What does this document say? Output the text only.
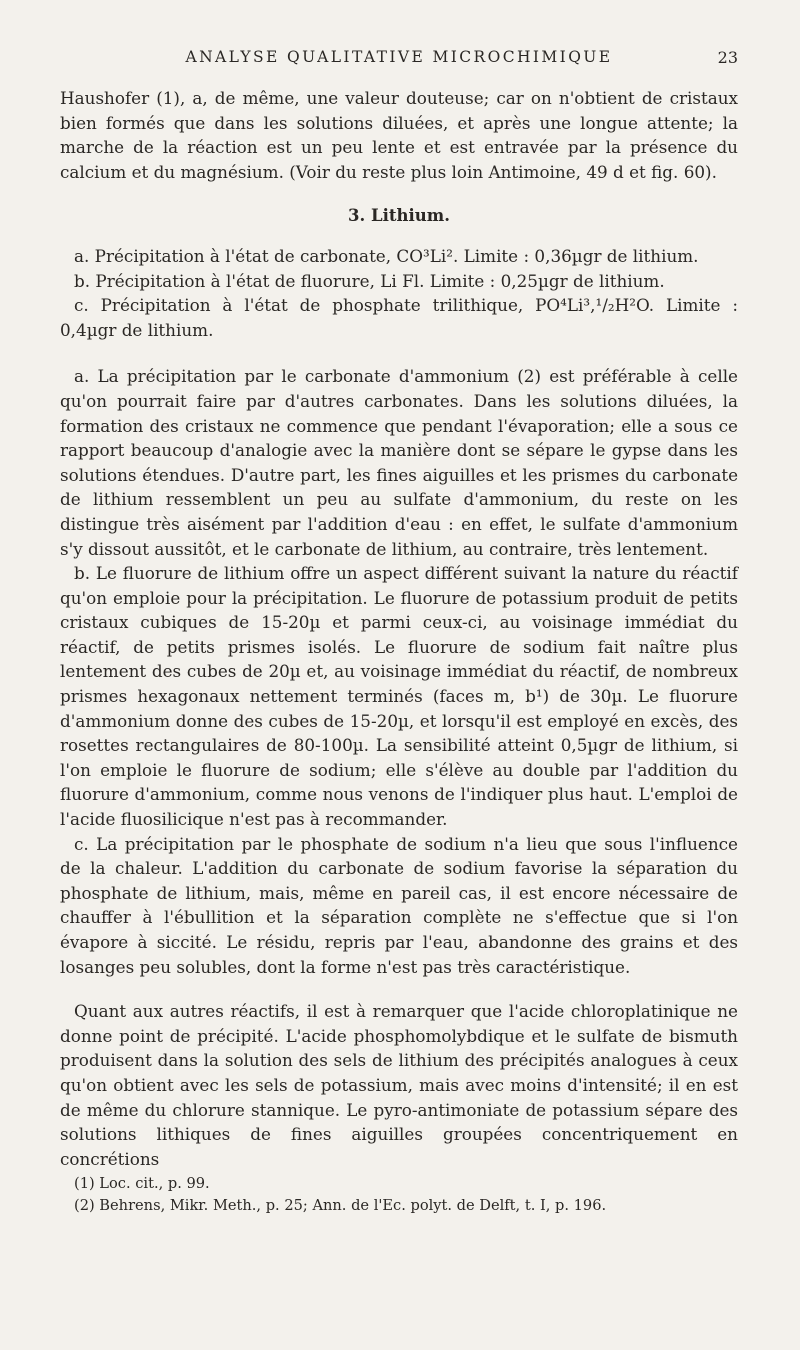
ANALYSE QUALITATIVE MICROCHIMIQUE	23

Haushofer (1), a, de même, une valeur douteuse; car on n'obtient de cristaux bien formés que dans les solutions diluées, et après une longue attente; la marche de la réaction est un peu lente et est entravée par la présence du calcium et du magnésium. (Voir du reste plus loin Antimoine, 49 d et fig. 60).

3. Lithium.

a. Précipitation à l'état de carbonate, CO³Li². Limite : 0,36µgr de lithium.

b. Précipitation à l'état de fluorure, Li Fl. Limite : 0,25µgr de lithium.

c. Précipitation à l'état de phosphate trilithique, PO⁴Li³,¹/₂H²O. Limite : 0,4µgr de lithium.

a. La précipitation par le carbonate d'ammonium (2) est préférable à celle qu'on pourrait faire par d'autres carbonates. Dans les solutions diluées, la formation des cristaux ne commence que pendant l'évaporation; elle a sous ce rapport beaucoup d'analogie avec la manière dont se sépare le gypse dans les solutions étendues. D'autre part, les fines aiguilles et les prismes du carbonate de lithium ressemblent un peu au sulfate d'ammonium, du reste on les distingue très aisément par l'addition d'eau : en effet, le sulfate d'ammonium s'y dissout aussitôt, et le carbonate de lithium, au contraire, très lentement.

b. Le fluorure de lithium offre un aspect différent suivant la nature du réactif qu'on emploie pour la précipitation. Le fluorure de potassium produit de petits cristaux cubiques de 15-20µ et parmi ceux-ci, au voisinage immédiat du réactif, de petits prismes isolés. Le fluorure de sodium fait naître plus lentement des cubes de 20µ et, au voisinage immédiat du réactif, de nombreux prismes hexagonaux nettement terminés (faces m, b¹) de 30µ. Le fluorure d'ammonium donne des cubes de 15-20µ, et lorsqu'il est employé en excès, des rosettes rectangulaires de 80-100µ. La sensibilité atteint 0,5µgr de lithium, si l'on emploie le fluorure de sodium; elle s'élève au double par l'addition du fluorure d'ammonium, comme nous venons de l'indiquer plus haut. L'emploi de l'acide fluosilicique n'est pas à recommander.

c. La précipitation par le phosphate de sodium n'a lieu que sous l'influence de la chaleur. L'addition du carbonate de sodium favorise la séparation du phosphate de lithium, mais, même en pareil cas, il est encore nécessaire de chauffer à l'ébullition et la séparation complète ne s'effectue que si l'on évapore à siccité. Le résidu, repris par l'eau, abandonne des grains et des losanges peu solubles, dont la forme n'est pas très caractéristique.

Quant aux autres réactifs, il est à remarquer que l'acide chloroplatinique ne donne point de précipité. L'acide phosphomolybdique et le sulfate de bismuth produisent dans la solution des sels de lithium des précipités analogues à ceux qu'on obtient avec les sels de potassium, mais avec moins d'intensité; il en est de même du chlorure stannique. Le pyro-antimoniate de potassium sépare des solutions lithiques de fines aiguilles groupées concentriquement en concrétions

(1) Loc. cit., p. 99.

(2) Behrens, Mikr. Meth., p. 25; Ann. de l'Ec. polyt. de Delft, t. I, p. 196.
